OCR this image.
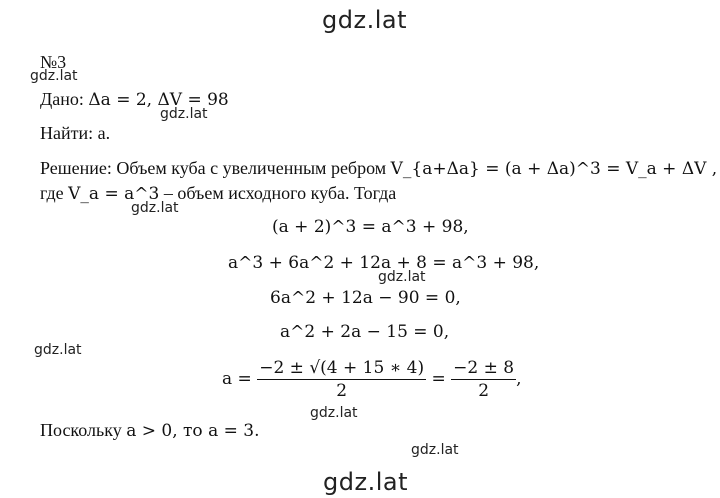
gdz.lat
gdz.lat
gdz.lat
gdz.lat
gdz.lat
gdz.lat
gdz.lat
gdz.lat
gdz.lat
№3
Дано: Δa = 2, ΔV = 98
Найти: a.
Решение: Объем куба с увеличенным ребром V_{a+Δa} = (a + Δa)^3 = V_a + ΔV ,
где V_a = a^3 – объем исходного куба. Тогда
(a + 2)^3 = a^3 + 98,
a^3 + 6a^2 + 12a + 8 = a^3 + 98,
6a^2 + 12a − 90 = 0,
a^2 + 2a − 15 = 0,
$a = \frac{-2 \pm √(4 + 15 ∗ 4)}{2} = \frac{-2 \pm 8}{2}$ ,
Поскольку a > 0, то a = 3.
